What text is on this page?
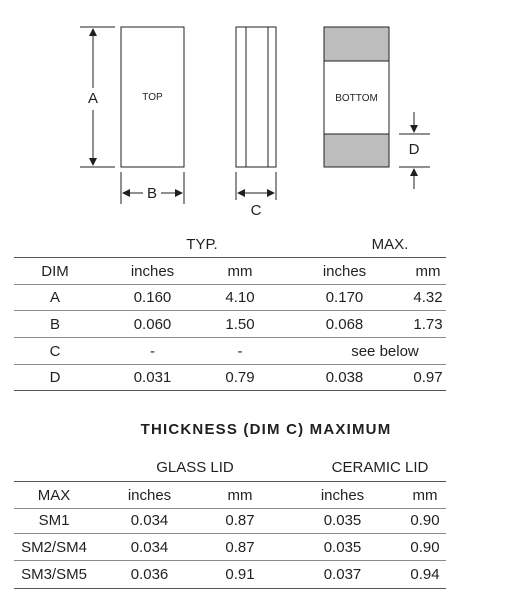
TOP	BOTTOM
A
B
C
D
TYP.	MAX.
DIM	inches	mm	inches	mm
A	0.160	4.10	0.170	4.32
B	0.060	1.50	0.068	1.73
C	-	-	see below
D	0.031	0.79	0.038	0.97
THICKNESS (DIM C) MAXIMUM
GLASS LID	CERAMIC LID
MAX	inches	mm	inches	mm
SM1	0.034	0.87	0.035	0.90
SM2/SM4	0.034	0.87	0.035	0.90
SM3/SM5	0.036	0.91	0.037	0.94
